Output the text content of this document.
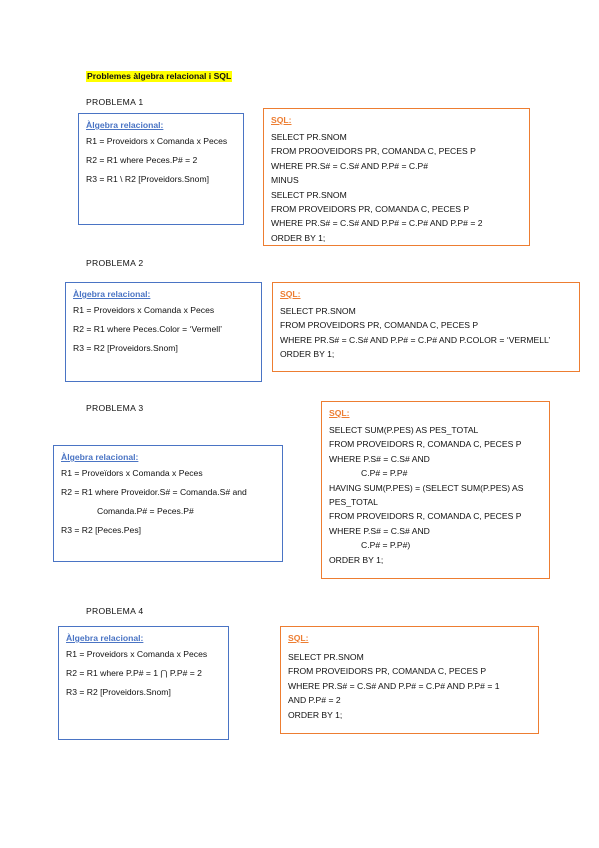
Problemes àlgebra relacional i SQL
PROBLEMA 1
Àlgebra relacional:
R1 = Proveidors x Comanda x Peces
R2 = R1 where Peces.P# = 2
R3 = R1 \ R2 [Proveidors.Snom]
SQL:
SELECT PR.SNOM
FROM PROOVEIDORS PR, COMANDA C, PECES P
WHERE PR.S# = C.S# AND P.P# = C.P#
MINUS
SELECT PR.SNOM
FROM PROVEIDORS PR, COMANDA C, PECES P
WHERE PR.S# = C.S# AND P.P# = C.P# AND P.P# = 2
ORDER BY 1;
PROBLEMA 2
Àlgebra relacional:
R1 = Proveidors x Comanda x Peces
R2 = R1 where Peces.Color = ‘Vermell’
R3 = R2 [Proveidors.Snom]
SQL:
SELECT PR.SNOM
FROM PROVEIDORS PR, COMANDA C, PECES P
WHERE PR.S# = C.S# AND P.P# = C.P# AND P.COLOR = ‘VERMELL’
ORDER BY 1;
PROBLEMA 3
Àlgebra relacional:
R1 = Proveïdors x Comanda x Peces
R2 = R1 where Proveidor.S# = Comanda.S# and
Comanda.P# = Peces.P#
R3 = R2 [Peces.Pes]
SQL:
SELECT SUM(P.PES) AS PES_TOTAL
FROM PROVEIDORS R, COMANDA C, PECES P
WHERE P.S# = C.S# AND
C.P# = P.P#
HAVING SUM(P.PES) = (SELECT SUM(P.PES) AS
PES_TOTAL
FROM PROVEIDORS R, COMANDA C, PECES P
WHERE P.S# = C.S# AND
C.P# = P.P#)
ORDER BY 1;
PROBLEMA 4
Àlgebra relacional:
R1 = Proveidors x Comanda x Peces
R2 = R1 where P.P# = 1 ⋂ P.P# = 2
R3 = R2 [Proveidors.Snom]
SQL:
SELECT PR.SNOM
FROM PROVEIDORS PR, COMANDA C, PECES P
WHERE PR.S# = C.S# AND P.P# = C.P# AND P.P# = 1
AND P.P# = 2
ORDER BY 1;
